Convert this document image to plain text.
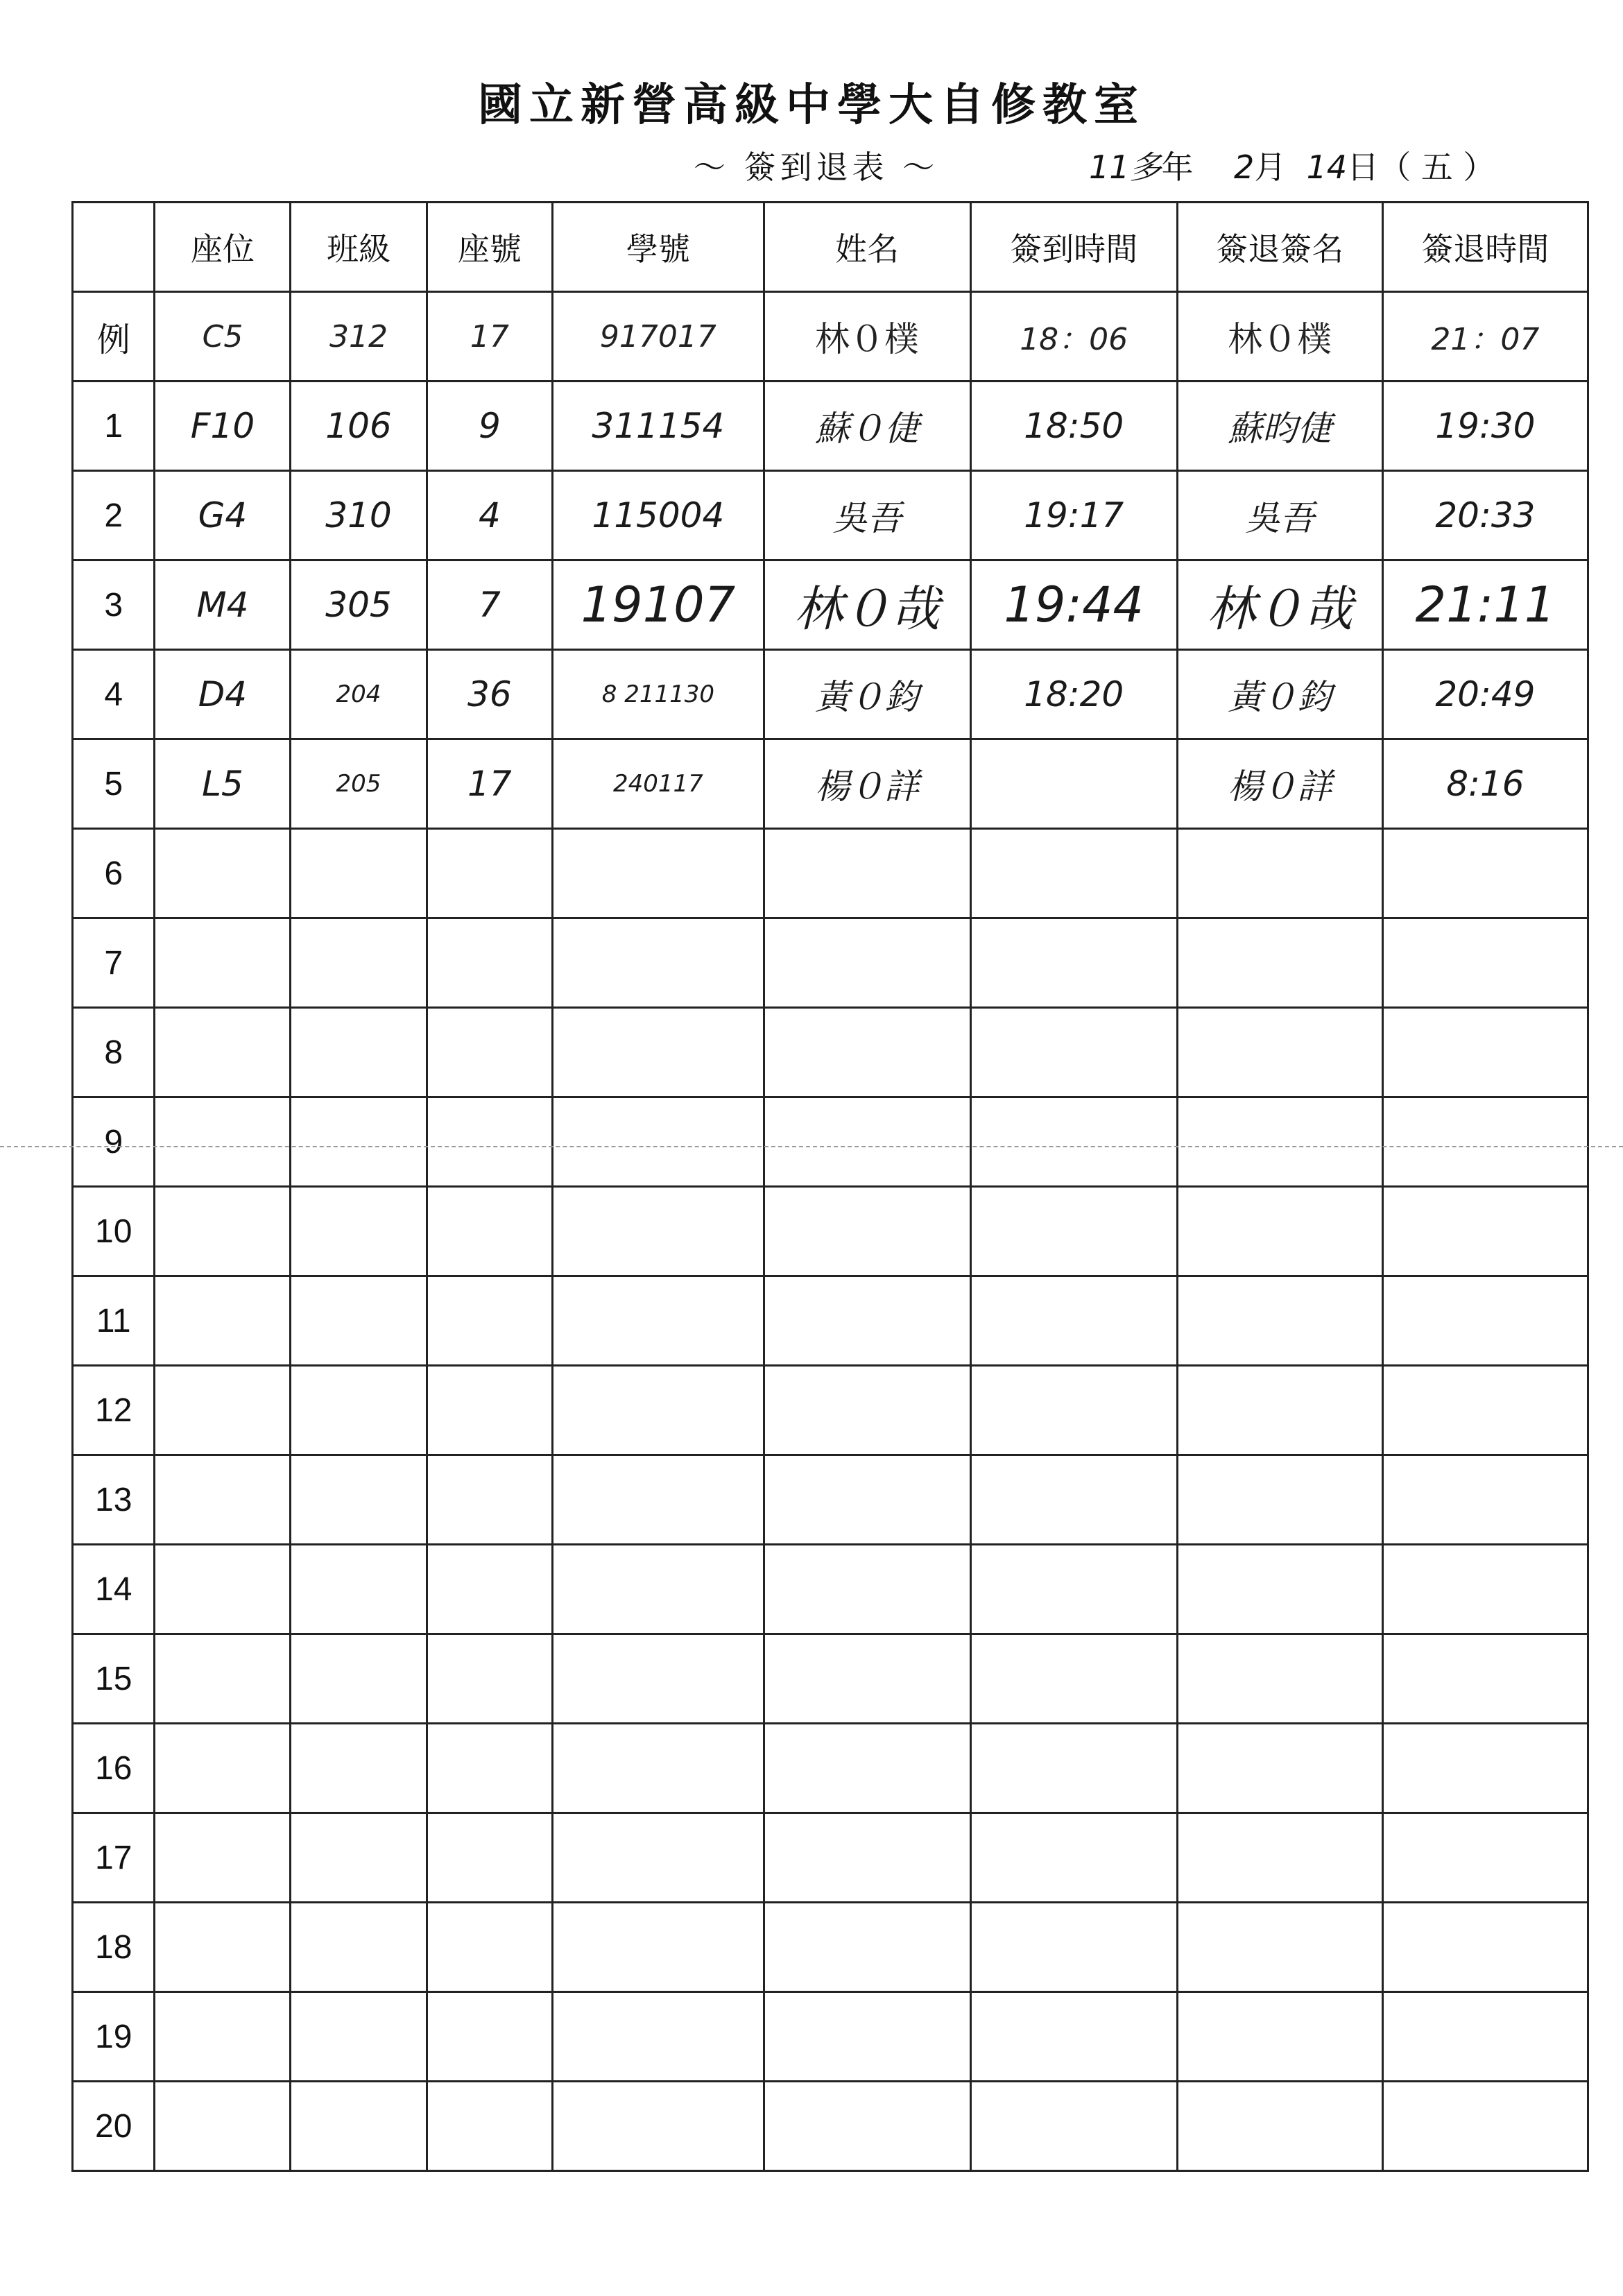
國立新營高級中學大自修教室
～ 簽到退表 ～	11多年 2月 14日（ 五 ）
	座位	班級	座號	學號	姓名	簽到時間	簽退簽名	簽退時間
例	C5	312	17	917017	林０樸	18：06	林０樸	21：07
1	F10	106	9	311154	蘇０倢	18:50	蘇昀倢	19:30
2	G4	310	4	115004	吳吾	19:17	吳吾	20:33
3	M4	305	7	19107	林０哉	19:44	林０哉	21:11
4	D4	204	36	8 211130	黃０鈞	18:20	黃０鈞	20:49
5	L5	205	17	240117	楊０詳		楊０詳	8:16
6								
7								
8								
9								
10								
11								
12								
13								
14								
15								
16								
17								
18								
19								
20								
